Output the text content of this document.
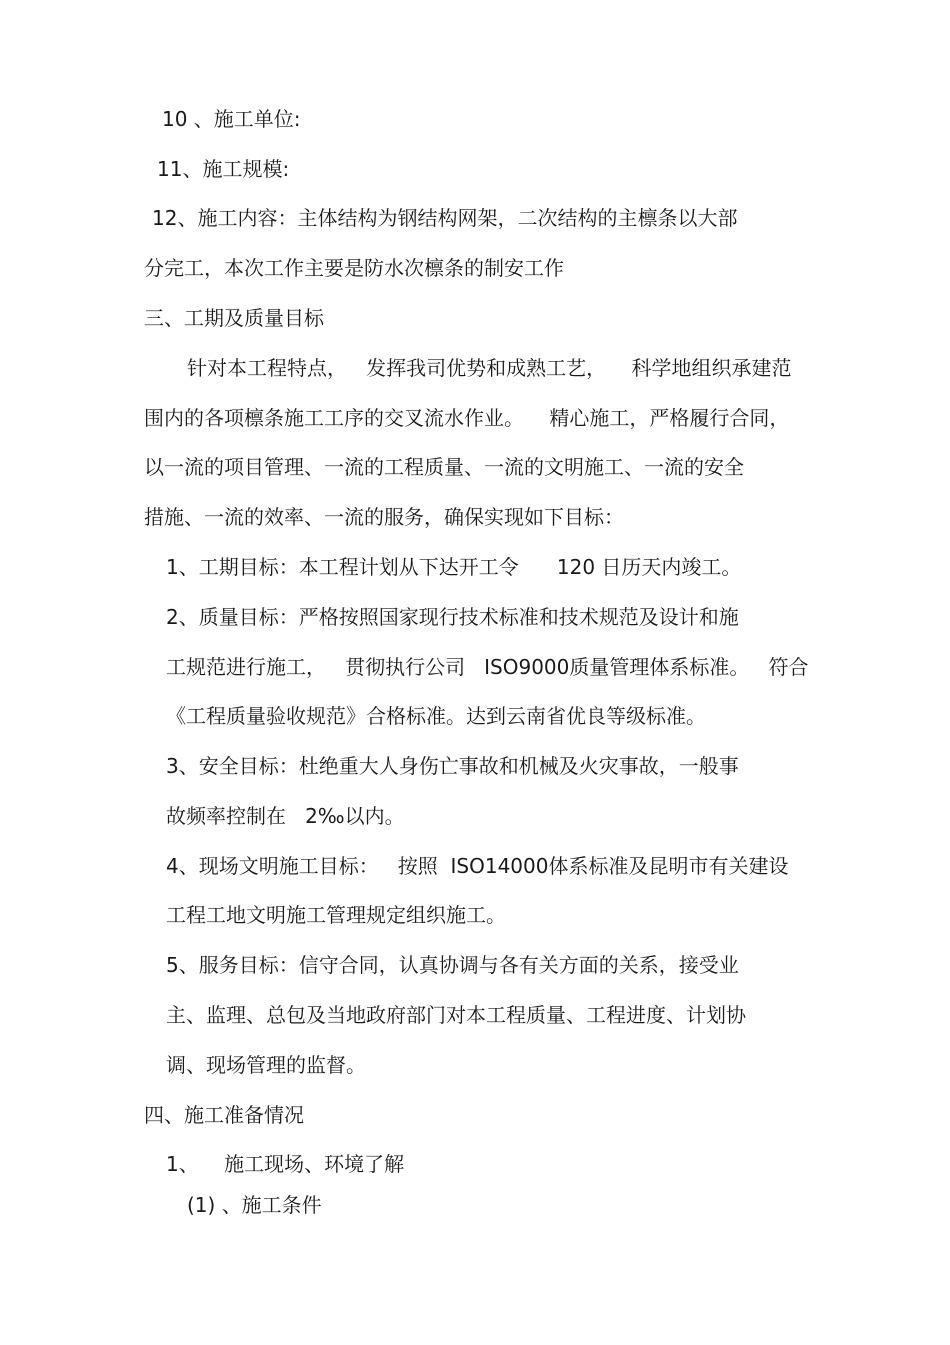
10 、施工单位:
11、施工规模:
12、施工内容：主体结构为钢结构网架，二次结构的主檩条以大部
分完工，本次工作主要是防水次檩条的制安工作
三、工期及质量目标
针对本工程特点，   发挥我司优势和成熟工艺，    科学地组织承建范
围内的各项檩条施工工序的交叉流水作业。    精心施工，严格履行合同，
以一流的项目管理、一流的工程质量、一流的文明施工、一流的安全
措施、一流的效率、一流的服务，确保实现如下目标：
1、工期目标：本工程计划从下达开工令      120 日历天内竣工。
2、质量目标：严格按照国家现行技术标准和技术规范及设计和施
工规范进行施工，   贯彻执行公司   ISO9000质量管理体系标准。   符合
《工程质量验收规范》合格标准。达到云南省优良等级标准。
3、安全目标：杜绝重大人身伤亡事故和机械及火灾事故，一般事
故频率控制在   2‰以内。
4、现场文明施工目标：   按照  ISO14000体系标准及昆明市有关建设
工程工地文明施工管理规定组织施工。
5、服务目标：信守合同，认真协调与各有关方面的关系，接受业
主、监理、总包及当地政府部门对本工程质量、工程进度、计划协
调、现场管理的监督。
四、施工准备情况
1、    施工现场、环境了解
(1) 、施工条件
